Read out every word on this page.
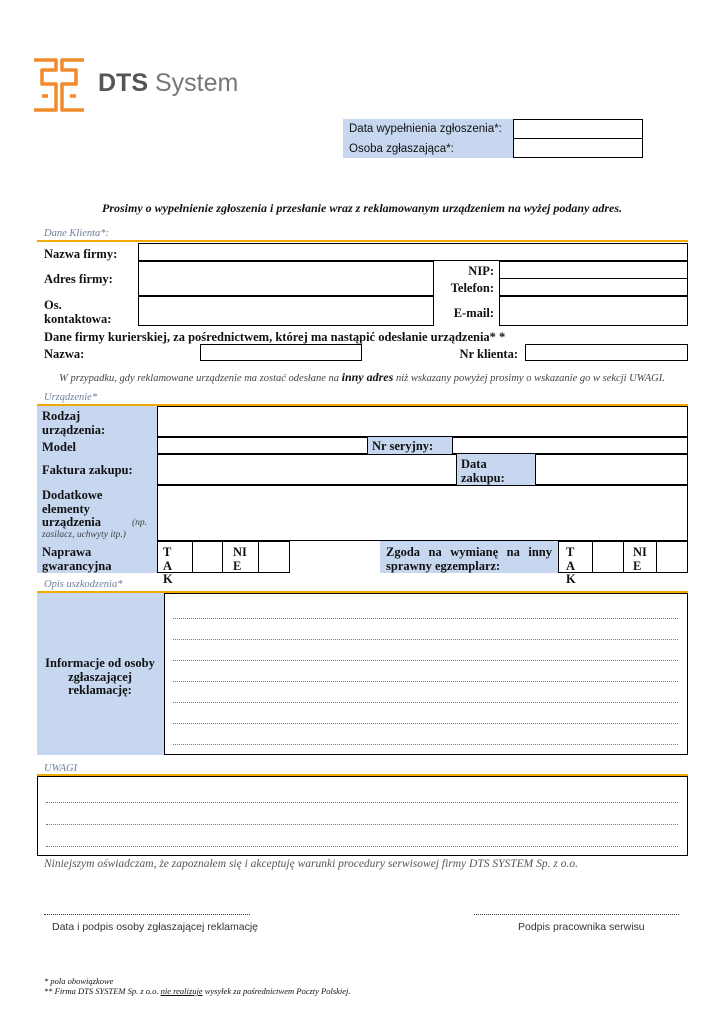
DTS System
Data wypełnienia zgłoszenia*:
Osoba zgłaszająca*:
Prosimy o wypełnienie zgłoszenia i przesłanie wraz z reklamowanym urządzeniem na wyżej podany adres.
Dane Klienta*:
Nazwa firmy:
Adres firmy:
NIP:
Telefon:
Os. kontaktowa:	E-mail:
Dane firmy kurierskiej, za pośrednictwem, której ma nastąpić odesłanie urządzenia* *
Nazwa:	Nr klienta:
W przypadku, gdy reklamowane urządzenie ma zostać odesłane na inny adres niż wskazany powyżej prosimy o wskazanie go w sekcji UWAGI.
Urządzenie*
Rodzaj urządzenia:
Model	Nr seryjny:
Faktura zakupu:	Data zakupu:
Dodatkowe elementy urządzenia	(np. zasilacz, uchwyty itp.)
Naprawa gwarancyjna
TAK
NIE
Zgoda na wymianę na inny sprawny egzemplarz:
TAK
NIE
Opis uszkodzenia*
Informacje od osoby zgłaszającej reklamację:
UWAGI
Niniejszym oświadczam, że zapoznałem się i akceptuję warunki procedury serwisowej firmy DTS SYSTEM Sp. z o.o.
Data i podpis osoby zgłaszającej reklamację	Podpis pracownika serwisu
* pola obowiązkowe
** Firma DTS SYSTEM Sp. z o.o. nie realizuje wysyłek za pośrednictwem Poczty Polskiej.
